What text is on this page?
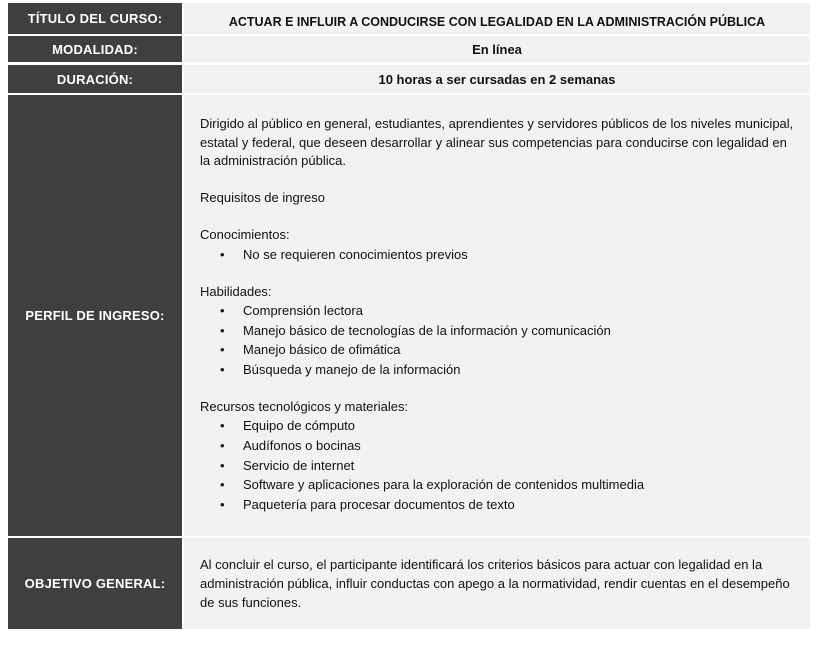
TÍTULO DEL CURSO:	ACTUAR E INFLUIR A CONDUCIRSE CON LEGALIDAD EN LA ADMINISTRACIÓN PÚBLICA
MODALIDAD:	En línea
DURACIÓN:	10 horas a ser cursadas en 2 semanas
PERFIL DE INGRESO:

Dirigido al público en general, estudiantes, aprendientes y servidores públicos de los niveles municipal, estatal y federal, que deseen desarrollar y alinear sus competencias para conducirse con legalidad en la administración pública.

Requisitos de ingreso

Conocimientos:

• No se requieren conocimientos previos

Habilidades:

• Comprensión lectora
• Manejo básico de tecnologías de la información y comunicación
• Manejo básico de ofimática
• Búsqueda y manejo de la información

Recursos tecnológicos y materiales:

• Equipo de cómputo
• Audífonos o bocinas
• Servicio de internet
• Software y aplicaciones para la exploración de contenidos multimedia
• Paquetería para procesar documentos de texto
OBJETIVO GENERAL:
Al concluir el curso, el participante identificará los criterios básicos para actuar con legalidad en la administración pública, influir conductas con apego a la normatividad, rendir cuentas en el desempeño de sus funciones.
